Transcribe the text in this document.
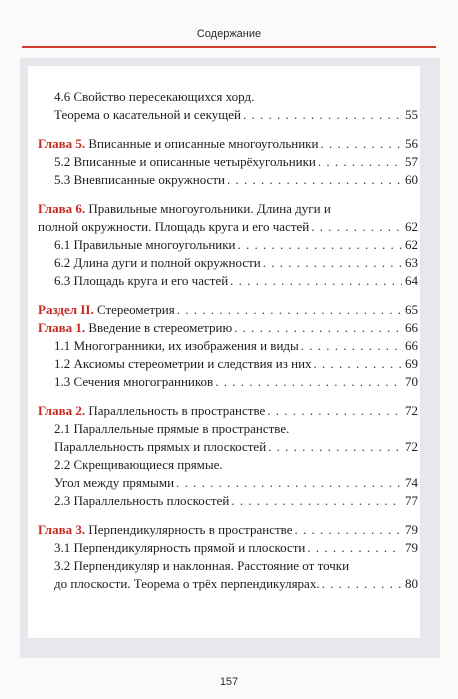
Содержание
4.6 Свойство пересекающихся хорд.
Теорема о касательной и секущей . . .	55
Глава 5. Вписанные и описанные многоугольники . . .	56
5.2 Вписанные и описанные четырёхугольники . . .	57
5.3 Вневписанные окружности . . .	60
Глава 6. Правильные многоугольники. Длина дуги и
полной окружности. Площадь круга и его частей . . .	62
6.1 Правильные многоугольники . . .	62
6.2 Длина дуги и полной окружности . . .	63
6.3 Площадь круга и его частей . . .	64
Раздел II. Стереометрия . . .	65
Глава 1. Введение в стереометрию . . .	66
1.1 Многогранники, их изображения и виды . . .	66
1.2 Аксиомы стереометрии и следствия из них . . .	69
1.3 Сечения многогранников . . .	70
Глава 2. Параллельность в пространстве . . .	72
2.1 Параллельные прямые в пространстве.
Параллельность прямых и плоскостей . . .	72
2.2 Скрещивающиеся прямые.
Угол между прямыми . . .	74
2.3 Параллельность плоскостей . . .	77
Глава 3. Перпендикулярность в пространстве . . .	79
3.1 Перпендикулярность прямой и плоскости . . .	79
3.2 Перпендикуляр и наклонная. Расстояние от точки
до плоскости. Теорема о трёх перпендикулярах. . . .	80
157
